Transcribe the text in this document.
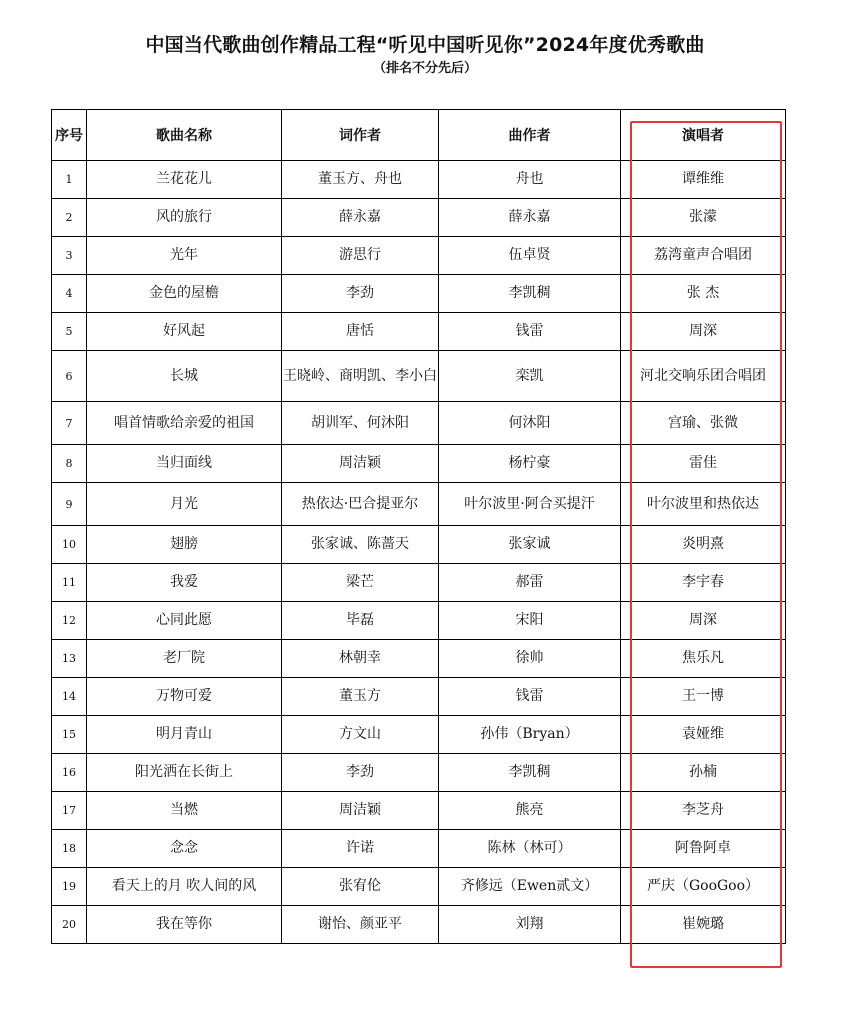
中国当代歌曲创作精品工程“听见中国听见你”2024年度优秀歌曲
（排名不分先后）
序号	歌曲名称	词作者	曲作者	演唱者
1	兰花花儿	董玉方、舟也	舟也	谭维维
2	风的旅行	薛永嘉	薛永嘉	张濛
3	光年	游思行	伍卓贤	荔湾童声合唱团
4	金色的屋檐	李劲	李凯稠	张 杰
5	好风起	唐恬	钱雷	周深
6	长城	王晓岭、商明凯、李小白	栾凯	河北交响乐团合唱团
7	唱首情歌给亲爱的祖国	胡训军、何沐阳	何沐阳	宫瑜、张微
8	当归面线	周洁颖	杨柠豪	雷佳
9	月光	热依达·巴合提亚尔	叶尔波里·阿合买提汗	叶尔波里和热依达
10	翅膀	张家诚、陈蔷天	张家诚	炎明熹
11	我爱	梁芒	郝雷	李宇春
12	心同此愿	毕磊	宋阳	周深
13	老厂院	林朝幸	徐帅	焦乐凡
14	万物可爱	董玉方	钱雷	王一博
15	明月青山	方文山	孙伟（Bryan）	袁娅维
16	阳光洒在长街上	李劲	李凯稠	孙楠
17	当燃	周洁颖	熊亮	李芝舟
18	念念	许诺	陈林（林可）	阿鲁阿卓
19	看天上的月 吹人间的风	张宥伦	齐修远（Ewen贰文）	严庆（GooGoo）
20	我在等你	谢怡、颜亚平	刘翔	崔婉璐
